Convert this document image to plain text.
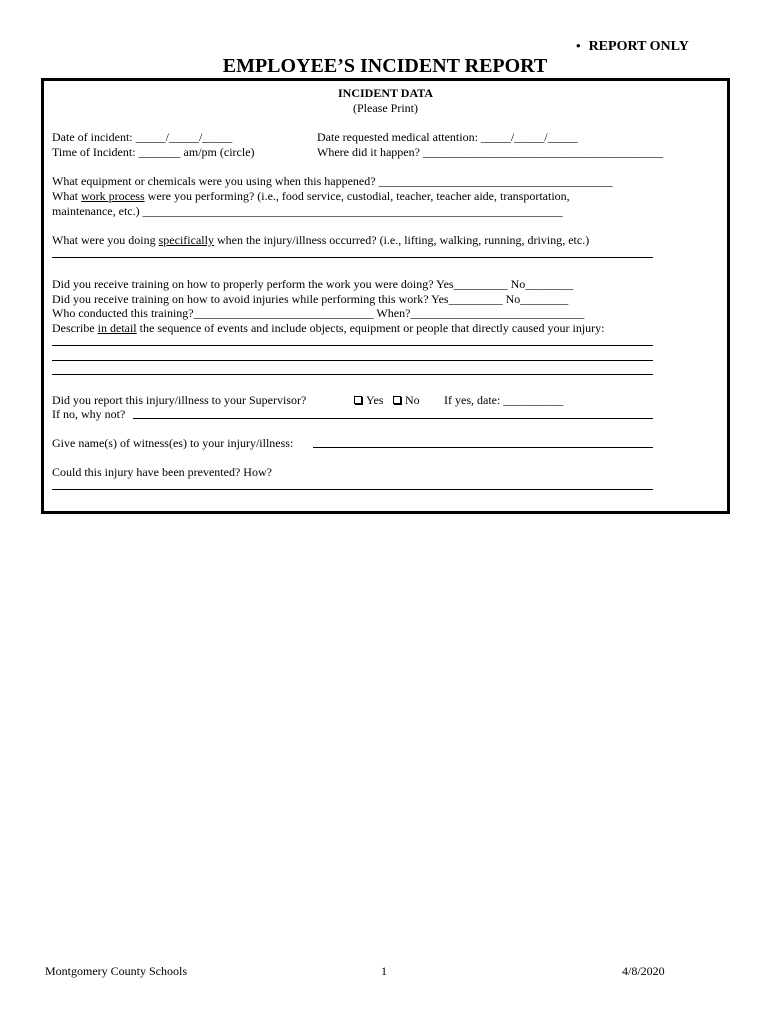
• REPORT ONLY
EMPLOYEE’S INCIDENT REPORT
INCIDENT DATA
(Please Print)
Date of incident: _____/_____/_____	Date requested medical attention: _____/_____/_____
Time of Incident: _______ am/pm (circle)	Where did it happen? ________________________________________
What equipment or chemicals were you using when this happened? _______________________________________
What work process were you performing? (i.e., food service, custodial, teacher, teacher aide, transportation,
maintenance, etc.) ______________________________________________________________________
What were you doing specifically when the injury/illness occurred? (i.e., lifting, walking, running, driving, etc.)
Did you receive training on how to properly perform the work you were doing? Yes_________ No________
Did you receive training on how to avoid injuries while performing this work? Yes_________ No________
Who conducted this training?______________________________ When?_____________________________
Describe in detail the sequence of events and include objects, equipment or people that directly caused your injury:
Did you report this injury/illness to your Supervisor?	Yes	No If yes, date: __________
If no, why not?
Give name(s) of witness(es) to your injury/illness:
Could this injury have been prevented? How?
Montgomery County Schools	1	4/8/2020
